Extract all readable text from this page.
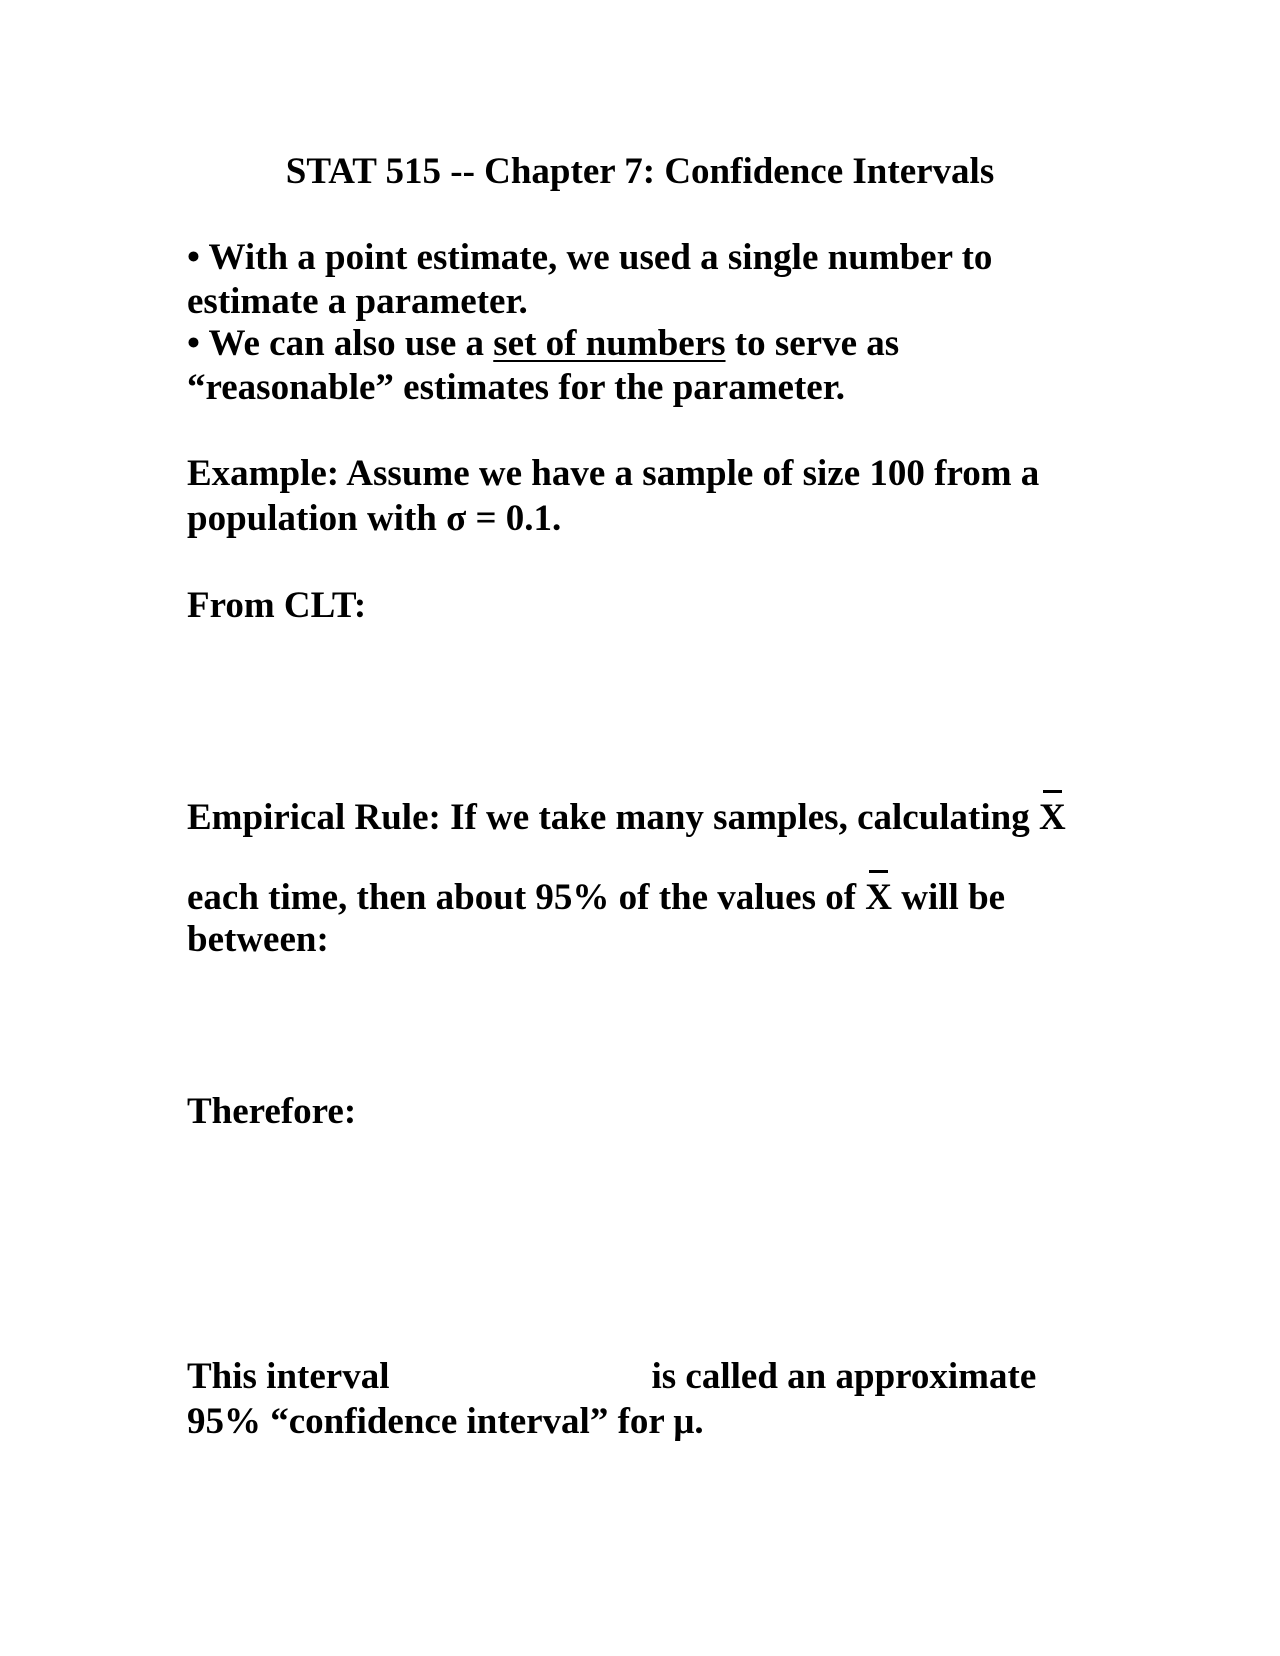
STAT 515 -- Chapter 7: Confidence Intervals
• With a point estimate, we used a single number to
estimate a parameter.
• We can also use a set of numbers to serve as
“reasonable” estimates for the parameter.
Example: Assume we have a sample of size 100 from a
population with σ = 0.1.
From CLT:
Empirical Rule: If we take many samples, calculating X
each time, then about 95% of the values of X will be
between:
Therefore:
This interval	is called an approximate
95% “confidence interval” for μ.
